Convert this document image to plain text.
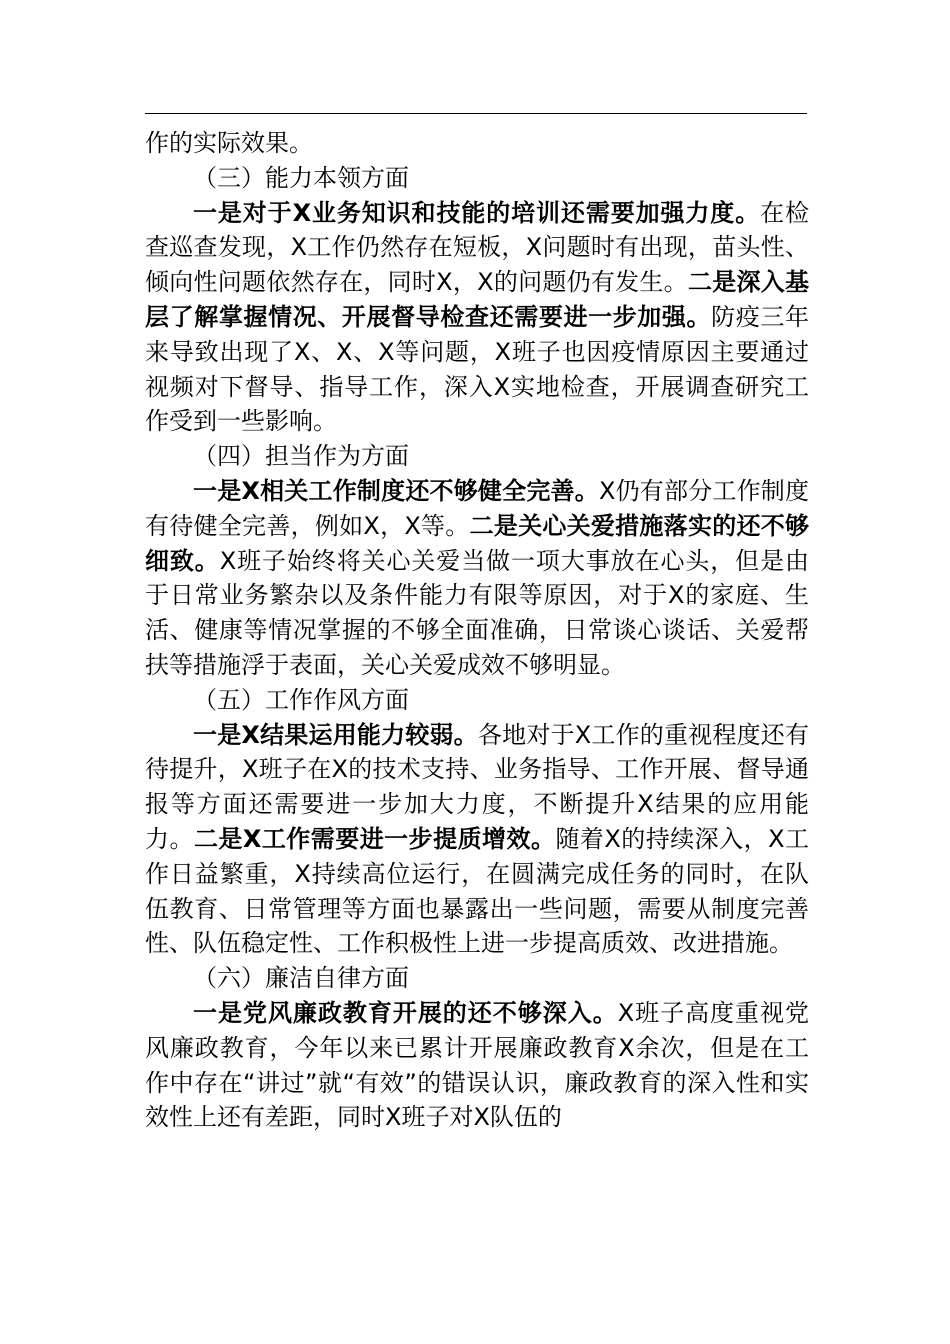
作的实际效果。

（三）能力本领方面

一是对于X业务知识和技能的培训还需要加强力度。在检查巡查发现，X工作仍然存在短板，X问题时有出现，苗头性、倾向性问题依然存在，同时X，X的问题仍有发生。二是深入基层了解掌握情况、开展督导检查还需要进一步加强。防疫三年来导致出现了X、X、X等问题，X班子也因疫情原因主要通过视频对下督导、指导工作，深入X实地检查，开展调查研究工作受到一些影响。

（四）担当作为方面

一是X相关工作制度还不够健全完善。X仍有部分工作制度有待健全完善，例如X，X等。二是关心关爱措施落实的还不够细致。X班子始终将关心关爱当做一项大事放在心头，但是由于日常业务繁杂以及条件能力有限等原因，对于X的家庭、生活、健康等情况掌握的不够全面准确，日常谈心谈话、关爱帮扶等措施浮于表面，关心关爱成效不够明显。

（五）工作作风方面

一是X结果运用能力较弱。各地对于X工作的重视程度还有待提升，X班子在X的技术支持、业务指导、工作开展、督导通报等方面还需要进一步加大力度，不断提升X结果的应用能力。二是X工作需要进一步提质增效。随着X的持续深入，X工作日益繁重，X持续高位运行，在圆满完成任务的同时，在队伍教育、日常管理等方面也暴露出一些问题，需要从制度完善性、队伍稳定性、工作积极性上进一步提高质效、改进措施。

（六）廉洁自律方面

一是党风廉政教育开展的还不够深入。X班子高度重视党风廉政教育，今年以来已累计开展廉政教育X余次，但是在工作中存在“讲过”就“有效”的错误认识，廉政教育的深入性和实效性上还有差距，同时X班子对X队伍的
